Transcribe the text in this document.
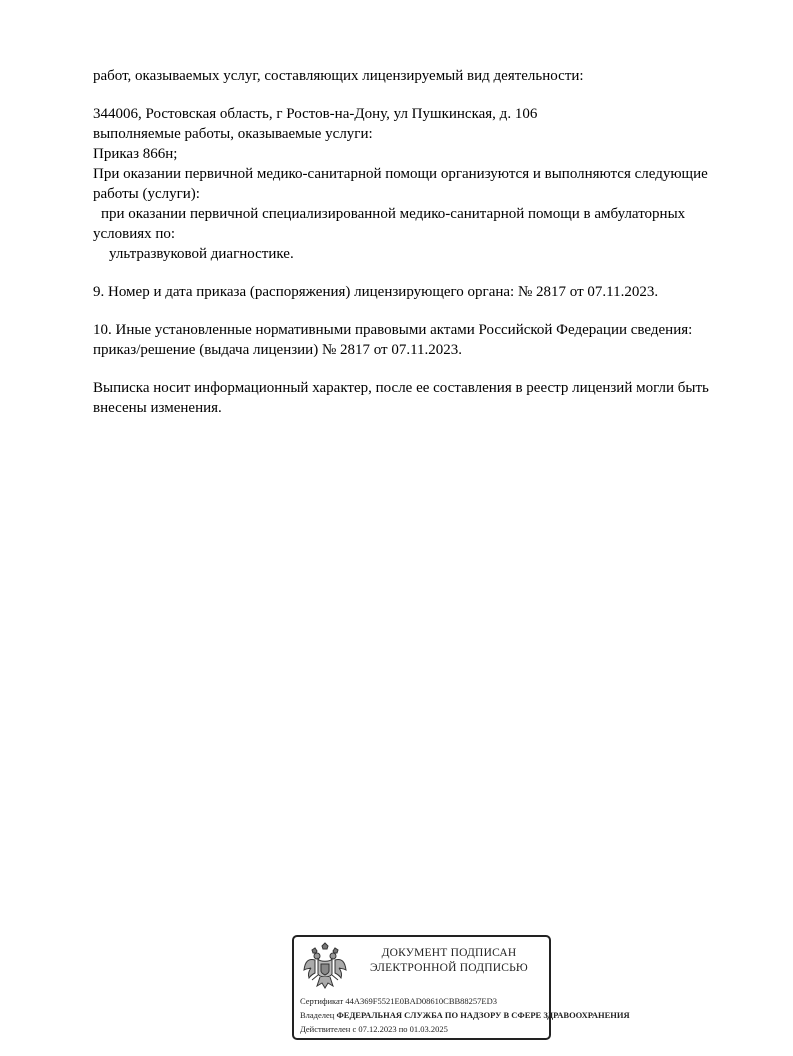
работ, оказываемых услуг, составляющих лицензируемый вид деятельности:
344006, Ростовская область, г Ростов-на-Дону, ул Пушкинская, д. 106
выполняемые работы, оказываемые услуги:
Приказ 866н;
При оказании первичной медико-санитарной помощи организуются и выполняются следующие
работы (услуги):
при оказании первичной специализированной медико-санитарной помощи в амбулаторных
условиях по:
ультразвуковой диагностике.
9. Номер и дата приказа (распоряжения) лицензирующего органа: № 2817 от 07.11.2023.
10. Иные установленные нормативными правовыми актами Российской Федерации сведения:
приказ/решение (выдача лицензии) № 2817 от 07.11.2023.
Выписка носит информационный характер, после ее составления в реестр лицензий могли быть
внесены изменения.
ДОКУМЕНТ ПОДПИСАН
ЭЛЕКТРОННОЙ ПОДПИСЬЮ
Сертификат 44A369F5521E0BAD08610CBB88257ED3
Владелец ФЕДЕРАЛЬНАЯ СЛУЖБА ПО НАДЗОРУ В СФЕРЕ ЗДРАВООХРАНЕНИЯ
Действителен с 07.12.2023 по 01.03.2025
